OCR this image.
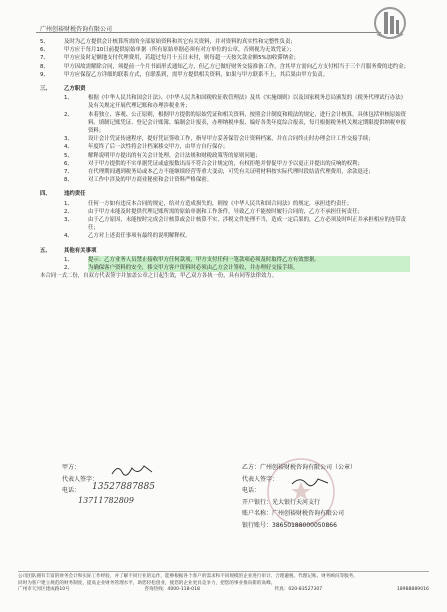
广州创裕财税咨询有限公司
5、	及时为乙方提供会计核算所需的全部原始资料和其它有关资料，并对资料的真实性和完整性负责；
6、	甲方应于每月10日前提供原始单据（所有原始单据必须有对方单位的公章，否则视为无效凭证）；
7、	甲方应及时足额地支付代理费用，若超过每月十五日未付，则每超一天按欠款金额5%加收滞纳金；
8、	甲方因故需解除合同，须提前一个月书面形式通知乙方，但乙方已做好财务交接准备工作，含其甲方需向乙方支付相当于三个月服务费的违约金；
9、	甲方应保留乙方详细的联系方式，在联系到，需甲方提供相关资料，如果与甲方联系不上，其后果由甲方负责。
三、	乙方职责
1、	根据《中华人民共和国会计法》、《中华人民共和国税收征收管理法》及其《实施细则》以及国家税务总局颁发的《税务代理试行办法》及有关规定开展代理记账和办理涉税业务；
2、	本着独立、客观、公正原则，根据甲方提供的原始凭证和相关资料，按照会计制度和税法的规定，进行会计核算，具体包括审核原始资料、填制记账凭证、登记会计账簿、编制会计报表，办理纳税申报、编好各类年度综合报表，每月根据税务机关规定期限提供纳税申报资料；
3、	设计会计凭证传递程序，提好凭证签收工作，指导甲方妥善保管会计资料档案，并在合同终止时办理会计工作交接手续；
4、	年度终了后一次性将会计档案移交甲方，由甲方自行保存；
5、	解释说明甲方提出的有关会计处理、会计法规和财税政策等的原则问题；
6、	对于甲方提供的不实单据凭证或虚报数出而不符合会计规定的，有权拒绝并督促甲方予以更正并提出的反响的权利；
7、	在代理期间遇到税务局或本乙方不能继续经营等重大变动，可凭有关证明材料按实际代理时段结清代理费用，余款退还；
8、	对工作中涉及的甲方商业秘密和会计资料严格保密。
四、	违约责任
1、	任何一方如有违反本合同的规定，给对方造成损失的，则按《中华人民共和国合同法》的规定，承担违约责任；
2、	由于甲方未能及时提供代理记账所需的原始单据和工作条件，导致乙方不能按时履行合同的，乙方不承担任何责任；
3、	由于乙方原因，未能按时完成会计核算或会计核算不实，涉税文件处理不当，造成一定后果的，乙方必须及时纠正并承担相应的连带责任；
4、	乙方对上述责任事项有最终的说明解释权。
五、	其他有关事项
1、	提示：乙方业务人员禁止接收甲方任何款项，甲方支付任何一笔款项必须及时取得乙方有效票据。
2、	为确保客户资料的安全，移交甲方客户资料时必须由乙方会计签收，并办理好交接手续。
本合同一式二份，自双方代表签字并加盖公章之日起生效，甲乙双方各执一份，具有同等法律效力。
甲方：
代表人签字：
电话：	13527887885
13711782809
乙方：广州创裕财税咨询有限公司（公章）
代表人签字：
电话：
开户银行：光大银行天河支行
账户名称：广州创裕财税咨询有限公司
银行账号：38650188000050866
公司团队拥有丰富的财务会计和实际工作经验，并了解不同行业的运作，能够根据各个客户的需求和不同规模的企业进行审计、合理避税、代理记账、财务顾问等服务，
同时为客户建立规范的财务制度、提高企业财务管理水平，助您轻松创业，使您的企业更具竞争力，把您的事业推向新的高峰。
广州市天河区建成路10号	咨询热线：4000-118-018	传真：020-83527307	18988889016
